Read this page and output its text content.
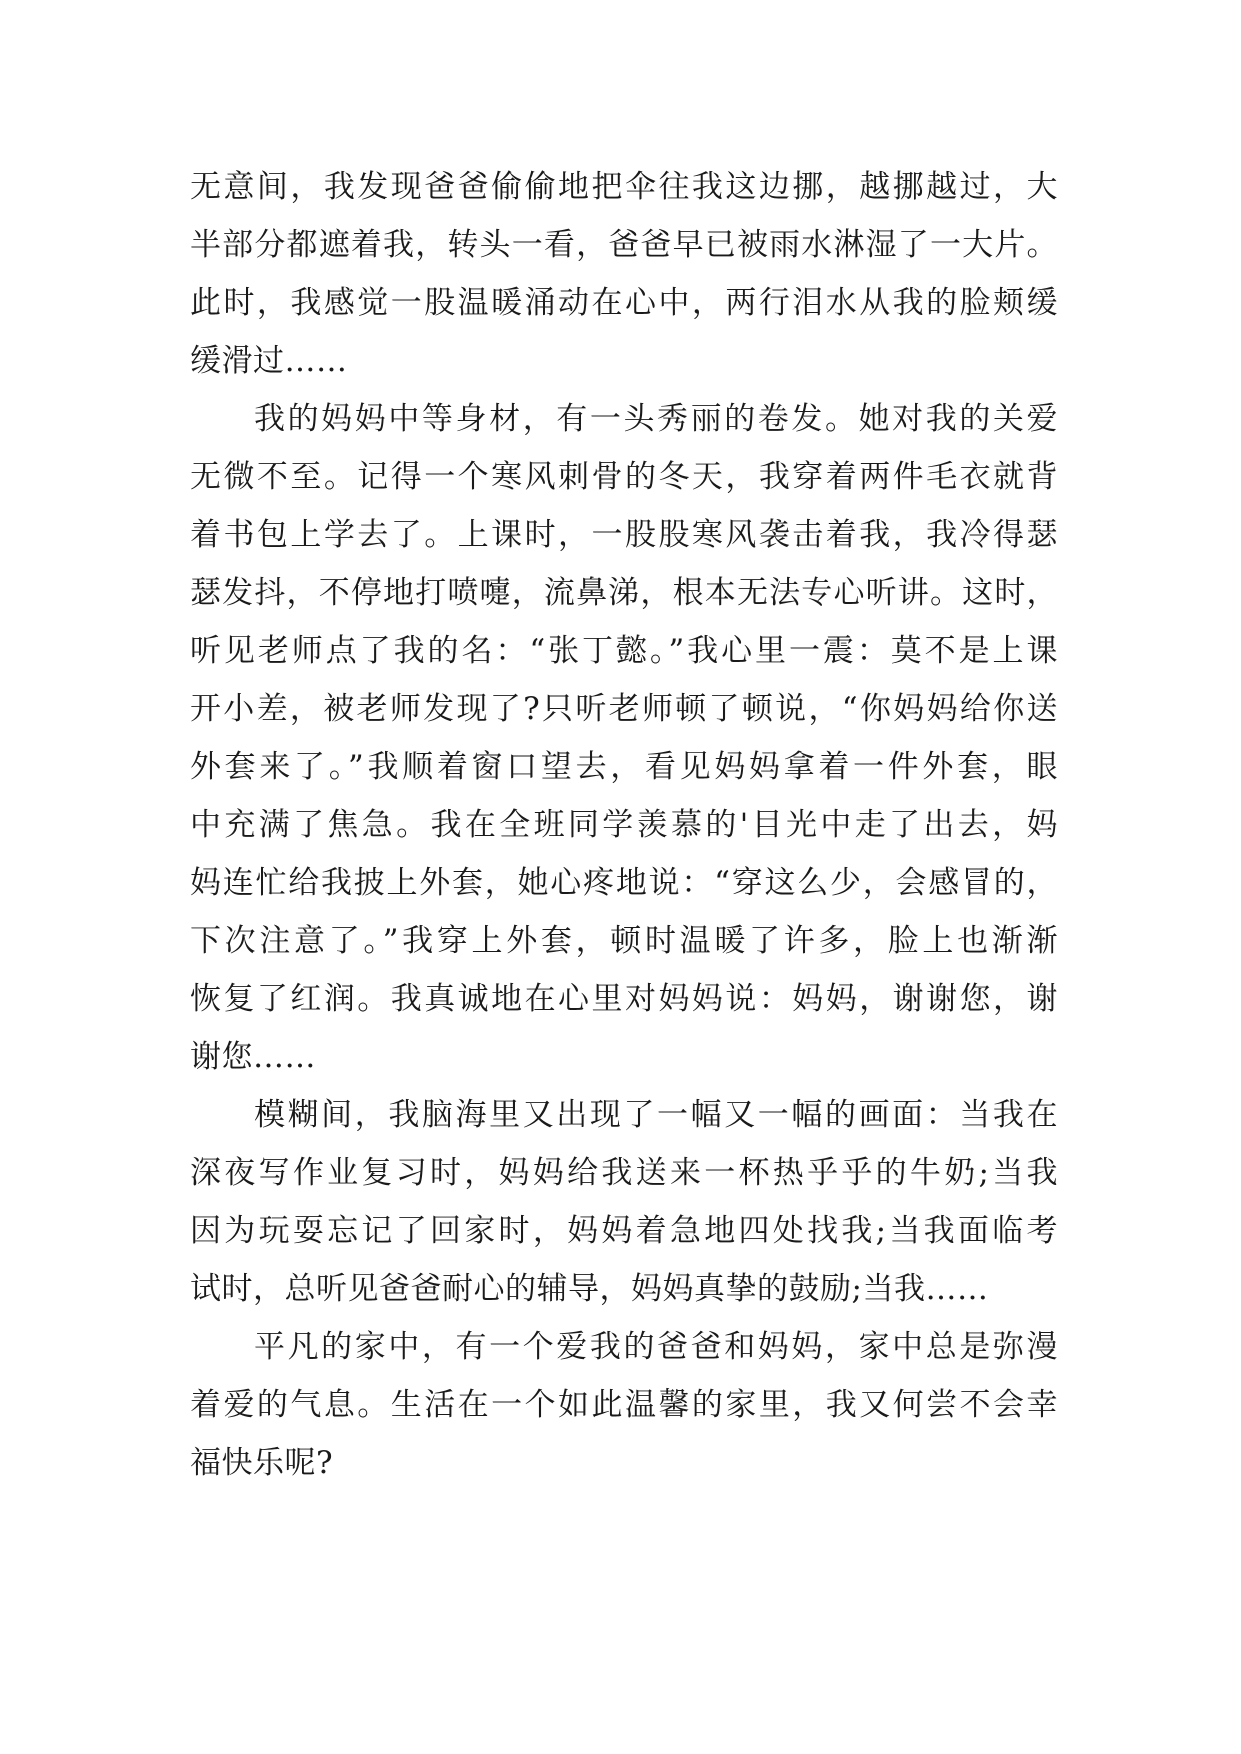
无意间，我发现爸爸偷偷地把伞往我这边挪，越挪越过，大
半部分都遮着我，转头一看，爸爸早已被雨水淋湿了一大片。
此时，我感觉一股温暖涌动在心中，两行泪水从我的脸颊缓
缓滑过……
我的妈妈中等身材，有一头秀丽的卷发。她对我的关爱
无微不至。记得一个寒风刺骨的冬天，我穿着两件毛衣就背
着书包上学去了。上课时，一股股寒风袭击着我，我冷得瑟
瑟发抖，不停地打喷嚏，流鼻涕，根本无法专心听讲。这时，
听见老师点了我的名：“张丁懿。”我心里一震：莫不是上课
开小差，被老师发现了?只听老师顿了顿说，“你妈妈给你送
外套来了。”我顺着窗口望去，看见妈妈拿着一件外套，眼
中充满了焦急。我在全班同学羡慕的'目光中走了出去，妈
妈连忙给我披上外套，她心疼地说：“穿这么少，会感冒的，
下次注意了。”我穿上外套，顿时温暖了许多，脸上也渐渐
恢复了红润。我真诚地在心里对妈妈说：妈妈，谢谢您，谢
谢您……
模糊间，我脑海里又出现了一幅又一幅的画面：当我在
深夜写作业复习时，妈妈给我送来一杯热乎乎的牛奶;当我
因为玩耍忘记了回家时，妈妈着急地四处找我;当我面临考
试时，总听见爸爸耐心的辅导，妈妈真挚的鼓励;当我……
平凡的家中，有一个爱我的爸爸和妈妈，家中总是弥漫
着爱的气息。生活在一个如此温馨的家里，我又何尝不会幸
福快乐呢?
